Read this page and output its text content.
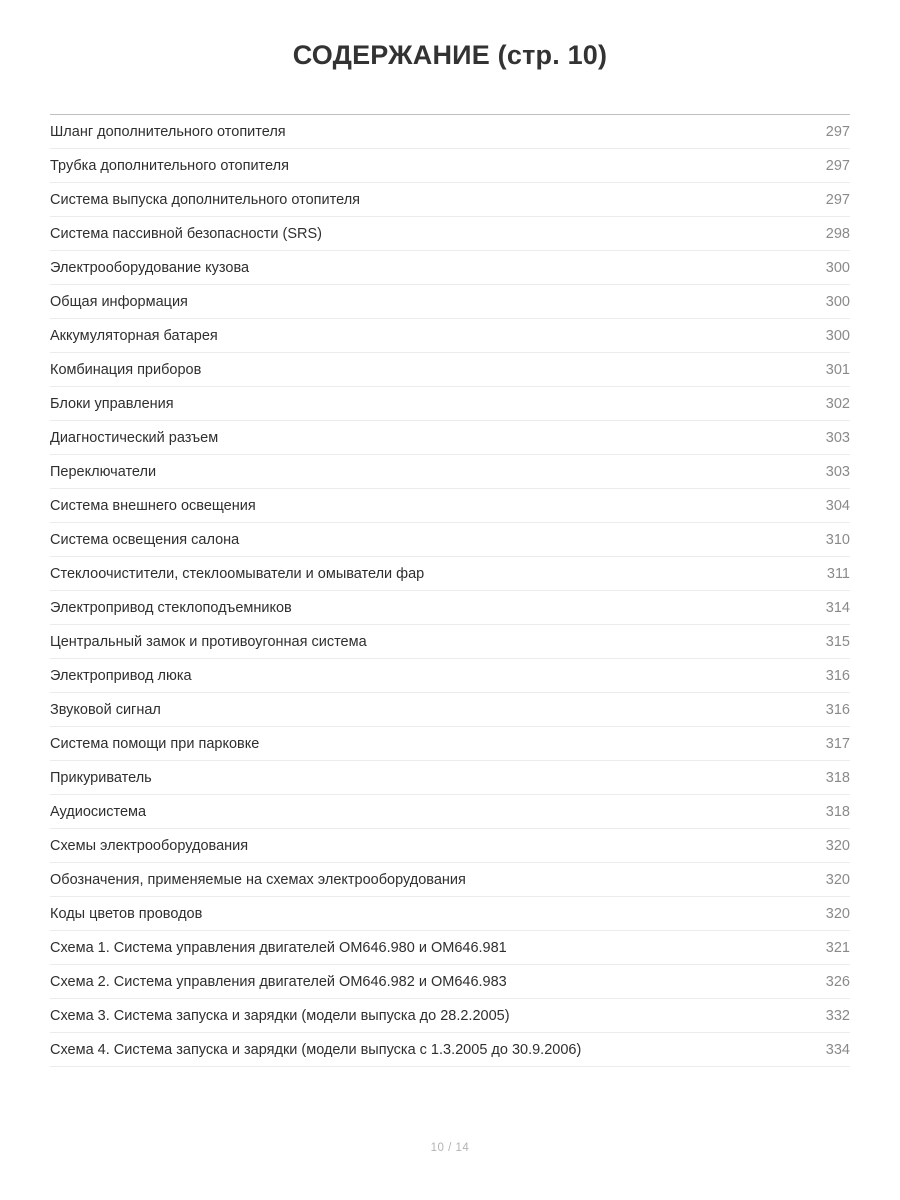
СОДЕРЖАНИЕ (стр. 10)
Шланг дополнительного отопителя	297
Трубка дополнительного отопителя	297
Система выпуска дополнительного отопителя	297
Система пассивной безопасности (SRS)	298
Электрооборудование кузова	300
Общая информация	300
Аккумуляторная батарея	300
Комбинация приборов	301
Блоки управления	302
Диагностический разъем	303
Переключатели	303
Система внешнего освещения	304
Система освещения салона	310
Стеклоочистители, стеклоомыватели и омыватели фар	311
Электропривод стеклоподъемников	314
Центральный замок и противоугонная система	315
Электропривод люка	316
Звуковой сигнал	316
Система помощи при парковке	317
Прикуриватель	318
Аудиосистема	318
Схемы электрооборудования	320
Обозначения, применяемые на схемах электрооборудования	320
Коды цветов проводов	320
Схема 1. Система управления двигателей OM646.980 и OM646.981	321
Схема 2. Система управления двигателей OM646.982 и OM646.983	326
Схема 3. Система запуска и зарядки (модели выпуска до 28.2.2005)	332
Схема 4. Система запуска и зарядки (модели выпуска с 1.3.2005 до 30.9.2006)	334
10 / 14
